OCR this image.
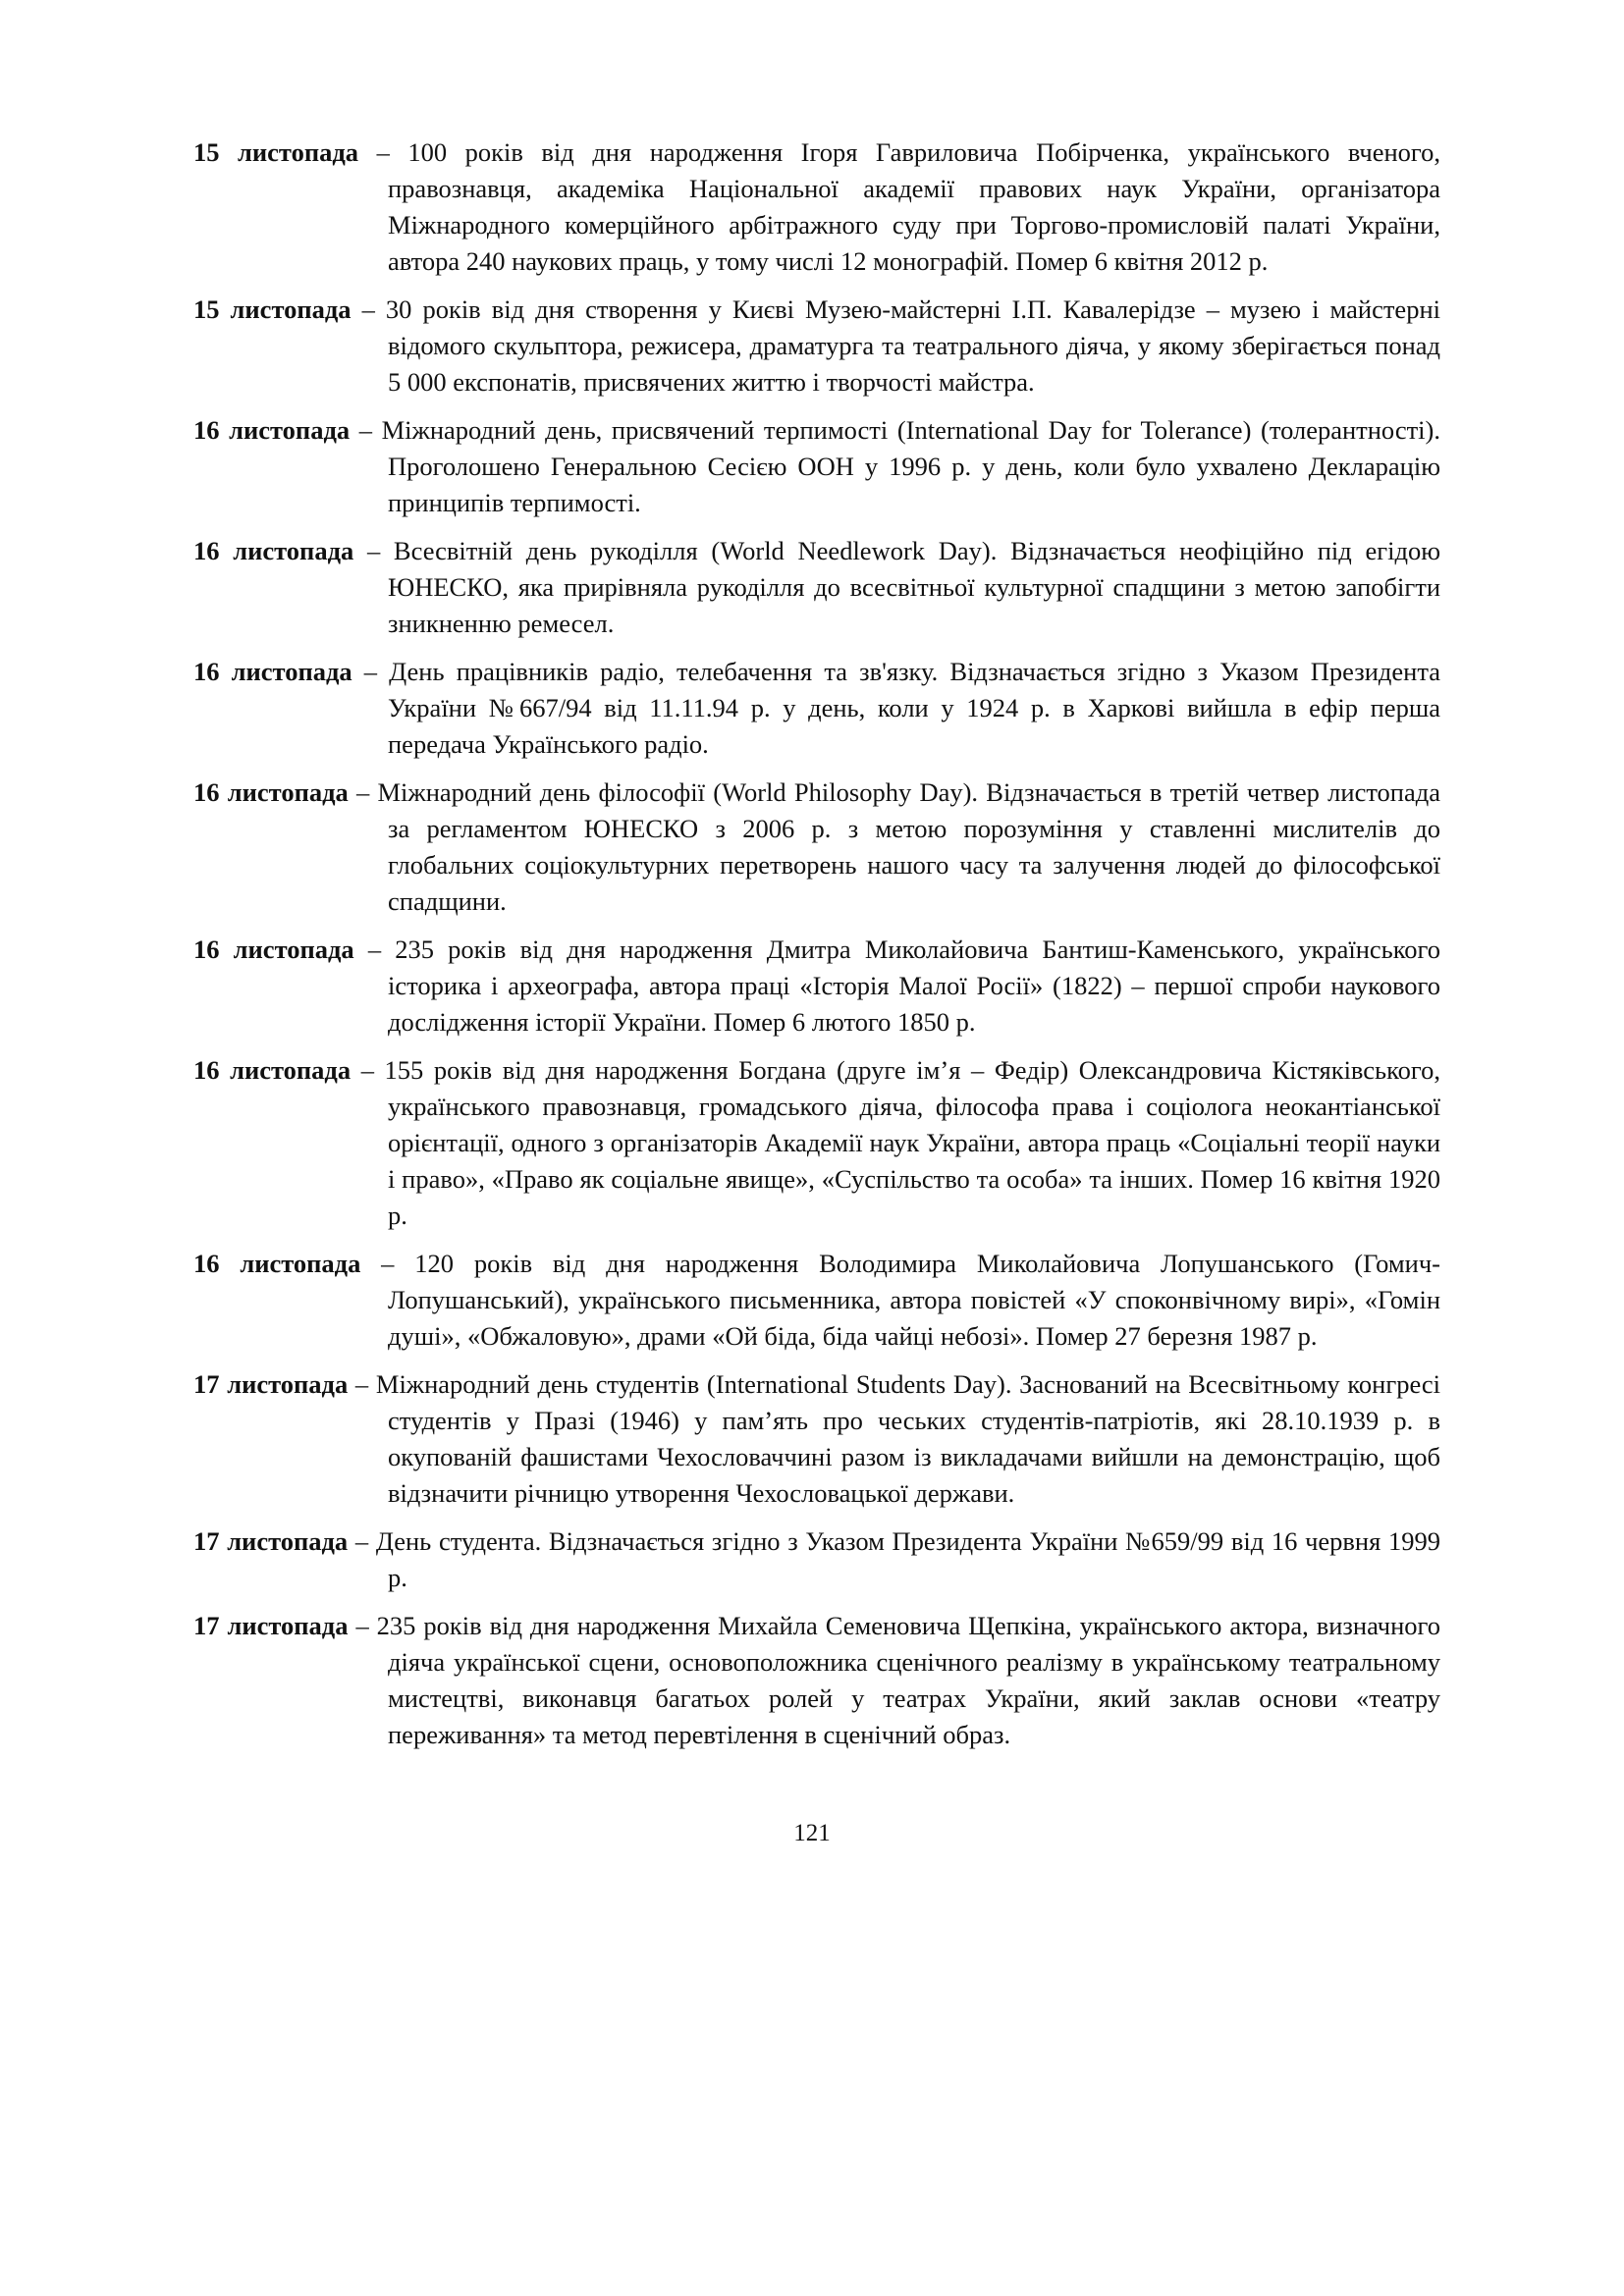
15 листопада – 100 років від дня народження Ігоря Гавриловича Побірченка, українського вченого, правознавця, академіка Національної академії правових наук України, організатора Міжнародного комерційного арбітражного суду при Торгово-промисловій палаті України, автора 240 наукових праць, у тому числі 12 монографій. Помер 6 квітня 2012 р.

15 листопада – 30 років від дня створення у Києві Музею-майстерні І.П. Кавалерідзе – музею і майстерні відомого скульптора, режисера, драматурга та театрального діяча, у якому зберігається понад 5 000 експонатів, присвячених життю і творчості майстра.

16 листопада – Міжнародний день, присвячений терпимості (International Day for Tolerance) (толерантності). Проголошено Генеральною Сесією ООН у 1996 р. у день, коли було ухвалено Декларацію принципів терпимості.

16 листопада – Всесвітній день рукоділля (World Needlework Day). Відзначається неофіційно під егідою ЮНЕСКО, яка прирівняла рукоділля до всесвітньої культурної спадщини з метою запобігти зникненню ремесел.

16 листопада – День працівників радіо, телебачення та зв'язку. Відзначається згідно з Указом Президента України №667/94 від 11.11.94 р. у день, коли у 1924 р. в Харкові вийшла в ефір перша передача Українського радіо.

16 листопада – Міжнародний день філософії (World Philosophy Day). Відзначається в третій четвер листопада за регламентом ЮНЕСКО з 2006 р. з метою порозуміння у ставленні мислителів до глобальних соціокультурних перетворень нашого часу та залучення людей до філософської спадщини.

16 листопада – 235 років від дня народження Дмитра Миколайовича Бантиш-Каменського, українського історика і археографа, автора праці «Історія Малої Росії» (1822) – першої спроби наукового дослідження історії України. Помер 6 лютого 1850 р.

16 листопада – 155 років від дня народження Богдана (друге ім’я – Федір) Олександровича Кістяківського, українського правознавця, громадського діяча, філософа права і соціолога неокантіанської орієнтації, одного з організаторів Академії наук України, автора праць «Соціальні теорії науки і право», «Право як соціальне явище», «Суспільство та особа» та інших. Помер 16 квітня 1920 р.

16 листопада – 120 років від дня народження Володимира Миколайовича Лопушанського (Гомич-Лопушанський), українського письменника, автора повістей «У споконвічному вирі», «Гомін душі», «Обжаловую», драми «Ой біда, біда чайці небозі». Помер 27 березня 1987 р.

17 листопада – Міжнародний день студентів (International Students Day). Заснований на Всесвітньому конгресі студентів у Празі (1946) у пам’ять про чеських студентів-патріотів, які 28.10.1939 р. в окупованій фашистами Чехословаччині разом із викладачами вийшли на демонстрацію, щоб відзначити річницю утворення Чехословацької держави.

17 листопада – День студента. Відзначається згідно з Указом Президента України №659/99 від 16 червня 1999 р.

17 листопада – 235 років від дня народження Михайла Семеновича Щепкіна, українського актора, визначного діяча української сцени, основоположника сценічного реалізму в українському театральному мистецтві, виконавця багатьох ролей у театрах України, який заклав основи «театру переживання» та метод перевтілення в сценічний образ.

121
